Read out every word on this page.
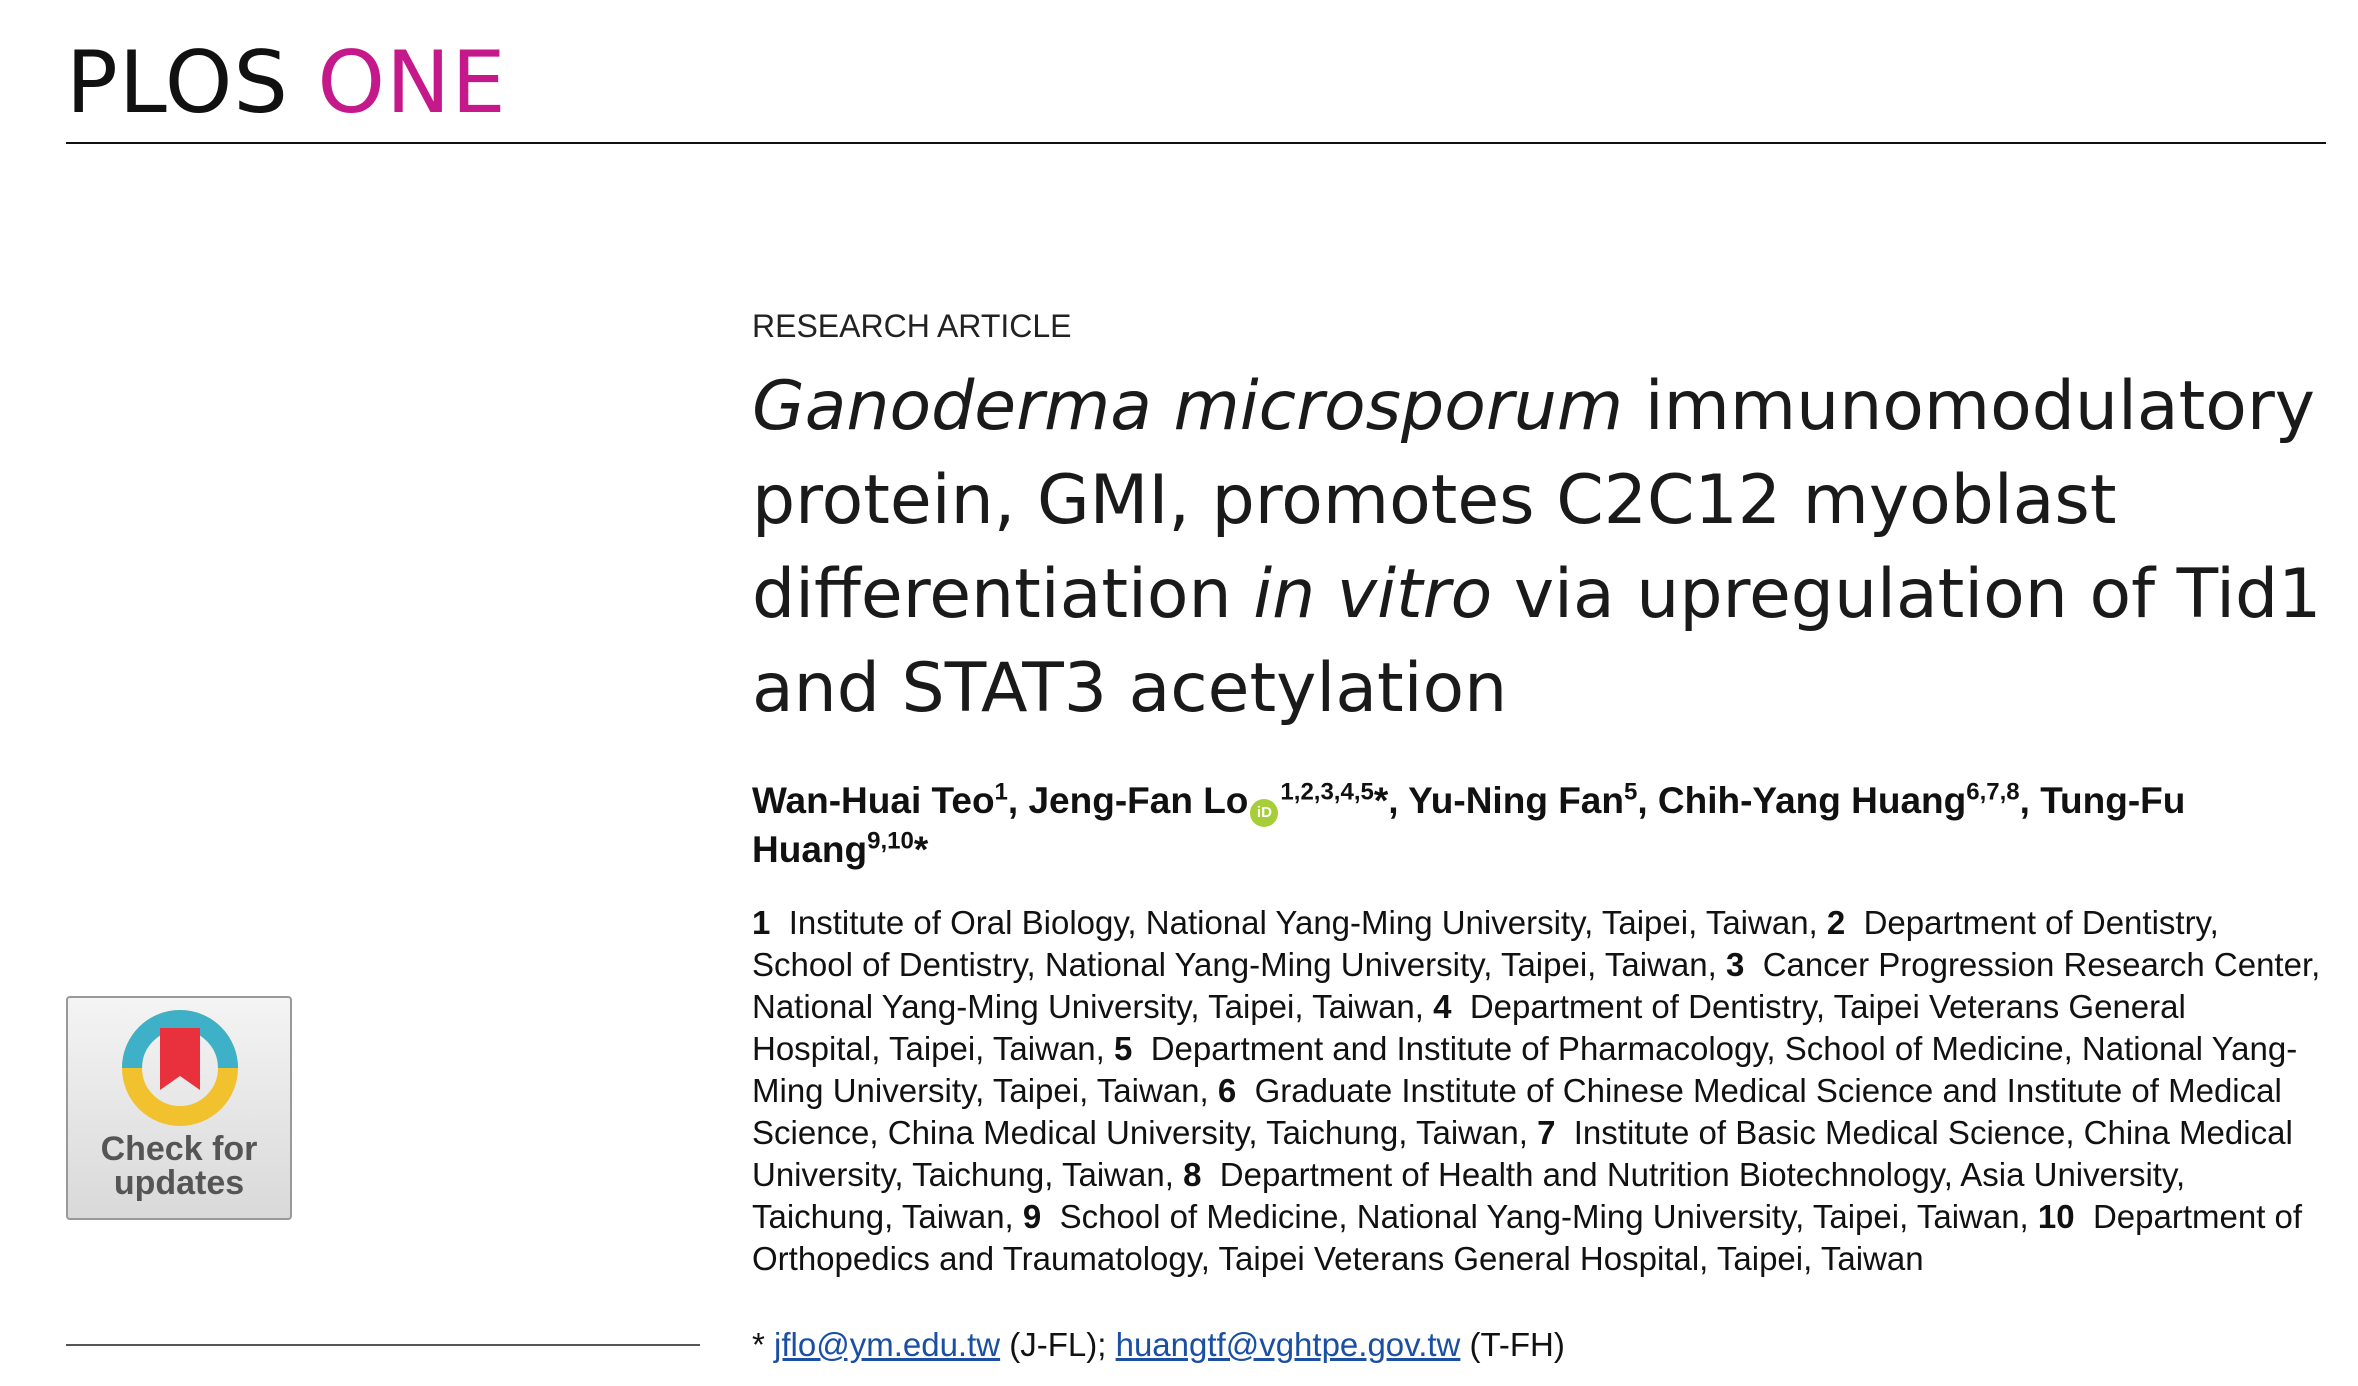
PLOS ONE
RESEARCH ARTICLE
Ganoderma microsporum immunomodulatory protein, GMI, promotes C2C12 myoblast differentiation in vitro via upregulation of Tid1 and STAT3 acetylation
Wan-Huai Teo$^1$, Jeng-Fan Lo iD$^{1,2,3,4,5}$*, Yu-Ning Fan$^5$, Chih-Yang Huang$^{6,7,8}$, Tung-Fu Huang$^{9,10}$*
1 Institute of Oral Biology, National Yang-Ming University, Taipei, Taiwan, 2 Department of Dentistry, School of Dentistry, National Yang-Ming University, Taipei, Taiwan, 3 Cancer Progression Research Center, National Yang-Ming University, Taipei, Taiwan, 4 Department of Dentistry, Taipei Veterans General Hospital, Taipei, Taiwan, 5 Department and Institute of Pharmacology, School of Medicine, National Yang-Ming University, Taipei, Taiwan, 6 Graduate Institute of Chinese Medical Science and Institute of Medical Science, China Medical University, Taichung, Taiwan, 7 Institute of Basic Medical Science, China Medical University, Taichung, Taiwan, 8 Department of Health and Nutrition Biotechnology, Asia University, Taichung, Taiwan, 9 School of Medicine, National Yang-Ming University, Taipei, Taiwan, 10 Department of Orthopedics and Traumatology, Taipei Veterans General Hospital, Taipei, Taiwan
* jflo@ym.edu.tw (J-FL); huangtf@vghtpe.gov.tw (T-FH)
Check for
updates
